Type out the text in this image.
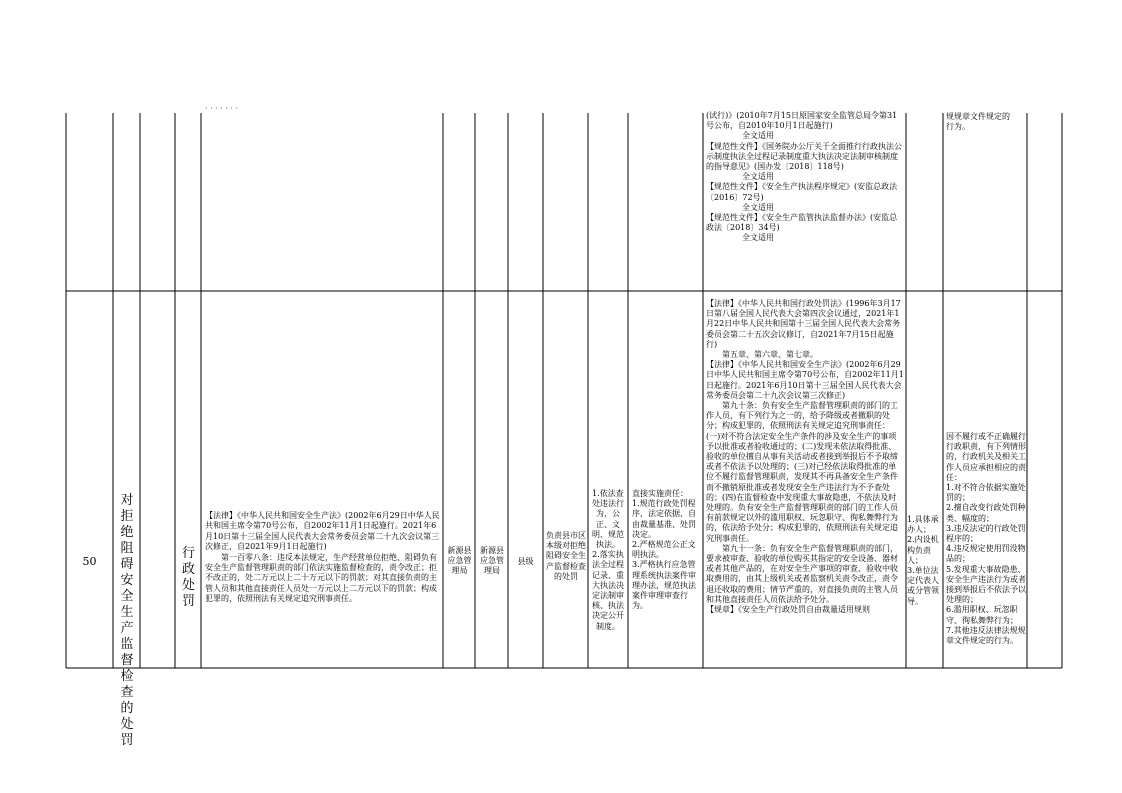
· · · · · · ·

(试行)》(2010年7月15日原国家安全监管总局令第31号公布，自2010年10月1日起施行)

全文适用

【规范性文件】《国务院办公厅关于全面推行行政执法公示制度执法全过程记录制度重大执法决定法制审核制度的指导意见》(国办发〔2018〕118号)

全文适用

【规范性文件】《安全生产执法程序规定》(安监总政法〔2016〕72号)

全文适用

【规范性文件】《安全生产监管执法监督办法》(安监总政法〔2018〕34号)

全文适用

规规章文件规定的

行为。

50
对拒绝阻碍安全生产监督检查的处罚
行政处罚

【法律】《中华人民共和国安全生产法》(2002年6月29日中华人民共和国主席令第70号公布，自2002年11月1日起施行。2021年6月10日第十三届全国人民代表大会常务委员会第二十九次会议第三次修正，自2021年9月1日起施行)

第一百零八条：违反本法规定，生产经营单位拒绝、阻碍负有安全生产监督管理职责的部门依法实施监督检查的，责令改正；拒不改正的，处二万元以上二十万元以下的罚款；对其直接负责的主管人员和其他直接责任人员处一万元以上二万元以下的罚款；构成犯罪的，依照刑法有关规定追究刑事责任。

新源县应急管理局
新源县应急管理局
县级
负责县市区本级对拒绝阻碍安全生产监督检查的处罚

1.依法查处违法行为，公正、文明、规范执法。
2.落实执法全过程记录、重大执法决定法制审核、执法决定公开制度。

直接实施责任：
1.规范行政处罚程序，法定依据、自由裁量基准、处罚决定。
2.严格规范公正文明执法。
3.严格执行应急管理系统执法案件审理办法，规范执法案件审理审查行为。

【法律】《中华人民共和国行政处罚法》(1996年3月17日第八届全国人民代表大会第四次会议通过，2021年1月22日中华人民共和国第十三届全国人民代表大会常务委员会第二十五次会议修订，自2021年7月15日起施行)

第五章、第六章、第七章。

【法律】《中华人民共和国安全生产法》(2002年6月29日中华人民共和国主席令第70号公布，自2002年11月1日起施行。2021年6月10日第十三届全国人民代表大会常务委员会第二十九次会议第三次修正)

第九十条：负有安全生产监督管理职责的部门的工作人员，有下列行为之一的，给予降级或者撤职的处分；构成犯罪的，依照刑法有关规定追究刑事责任：(一)对不符合法定安全生产条件的涉及安全生产的事项予以批准或者验收通过的；(二)发现未依法取得批准、验收的单位擅自从事有关活动或者接到举报后不予取缔或者不依法予以处理的；(三)对已经依法取得批准的单位不履行监督管理职责，发现其不再具备安全生产条件而不撤销原批准或者发现安全生产违法行为不予查处的；(四)在监督检查中发现重大事故隐患，不依法及时处理的。负有安全生产监督管理职责的部门的工作人员有前款规定以外的滥用职权、玩忽职守、徇私舞弊行为的，依法给予处分；构成犯罪的，依照刑法有关规定追究刑事责任。

第九十一条：负有安全生产监督管理职责的部门，要求被审查、验收的单位购买其指定的安全设备、器材或者其他产品的，在对安全生产事项的审查、验收中收取费用的，由其上级机关或者监察机关责令改正，责令退还收取的费用；情节严重的，对直接负责的主管人员和其他直接责任人员依法给予处分。

【规章】《安全生产行政处罚自由裁量适用规则

1.具体承办人；
2.内设机构负责人；
3.单位法定代表人或分管领导。

因不履行或不正确履行行政职责，有下列情形的，行政机关及相关工作人员应承担相应的责任：
1.对不符合依据实施处罚的；
2.擅自改变行政处罚种类、幅度的；
3.违反法定的行政处罚程序的；
4.违反规定使用罚没物品的；
5.发现重大事故隐患、安全生产违法行为或者接到举报后不依法予以处理的；
6.滥用职权、玩忽职守、徇私舞弊行为；
7.其他违反法律法规规章文件规定的行为。
